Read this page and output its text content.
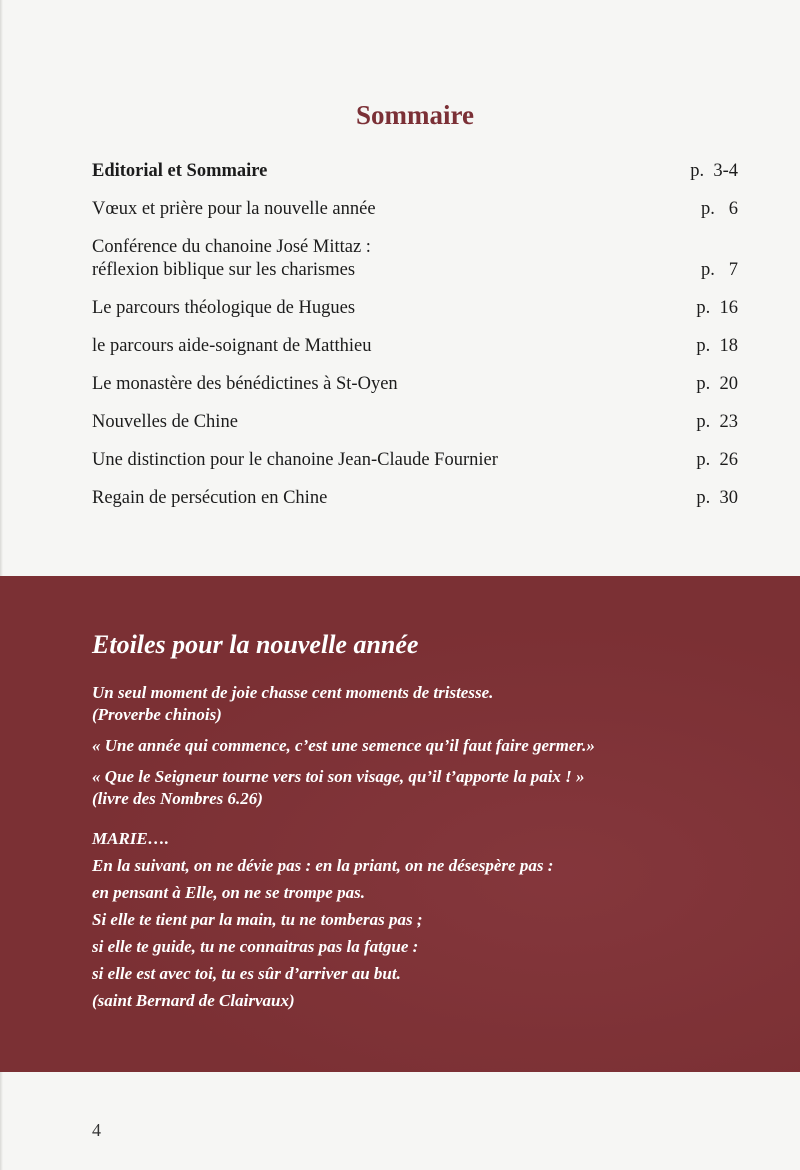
Sommaire
Editorial et Sommaire	p.  3-4
Vœux et prière pour la nouvelle année	p.   6
Conférence du chanoine José Mittaz :
réflexion biblique sur les charismes	p.   7
Le parcours théologique de Hugues	p.  16
le parcours aide-soignant de Matthieu	p.  18
Le monastère des bénédictines à St-Oyen	p.  20
Nouvelles de Chine	p.  23
Une distinction pour le chanoine Jean-Claude Fournier	p.  26
Regain de persécution en Chine	p.  30
Etoiles pour la nouvelle année
Un seul moment de joie chasse cent moments de tristesse.
(Proverbe chinois)
« Une année qui commence, c’est une semence qu’il faut faire germer.»
« Que le Seigneur tourne vers toi son visage, qu’il t’apporte la paix ! »
(livre des Nombres 6.26)
MARIE….
En la suivant, on ne dévie pas : en la priant, on ne désespère pas :
en pensant à Elle, on ne se trompe pas.
Si elle te tient par la main, tu ne tomberas pas ;
si elle te guide, tu ne connaitras pas la fatgue :
si elle est avec toi, tu es sûr d’arriver au but.
(saint Bernard de Clairvaux)
4
